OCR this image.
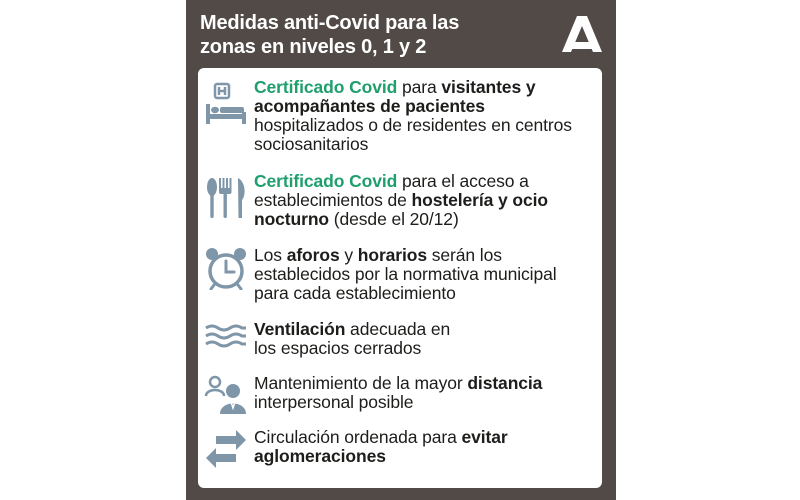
Medidas anti-Covid para las
zonas en niveles 0, 1 y 2
Certificado Covid para visitantes y acompañantes de pacientes hospitalizados o de residentes en centros sociosanitarios
Certificado Covid para el acceso a establecimientos de hostelería y ocio nocturno (desde el 20/12)
Los aforos y horarios serán los establecidos por la normativa municipal para cada establecimiento
Ventilación adecuada en los espacios cerrados
Mantenimiento de la mayor distancia interpersonal posible
Circulación ordenada para evitar aglomeraciones
